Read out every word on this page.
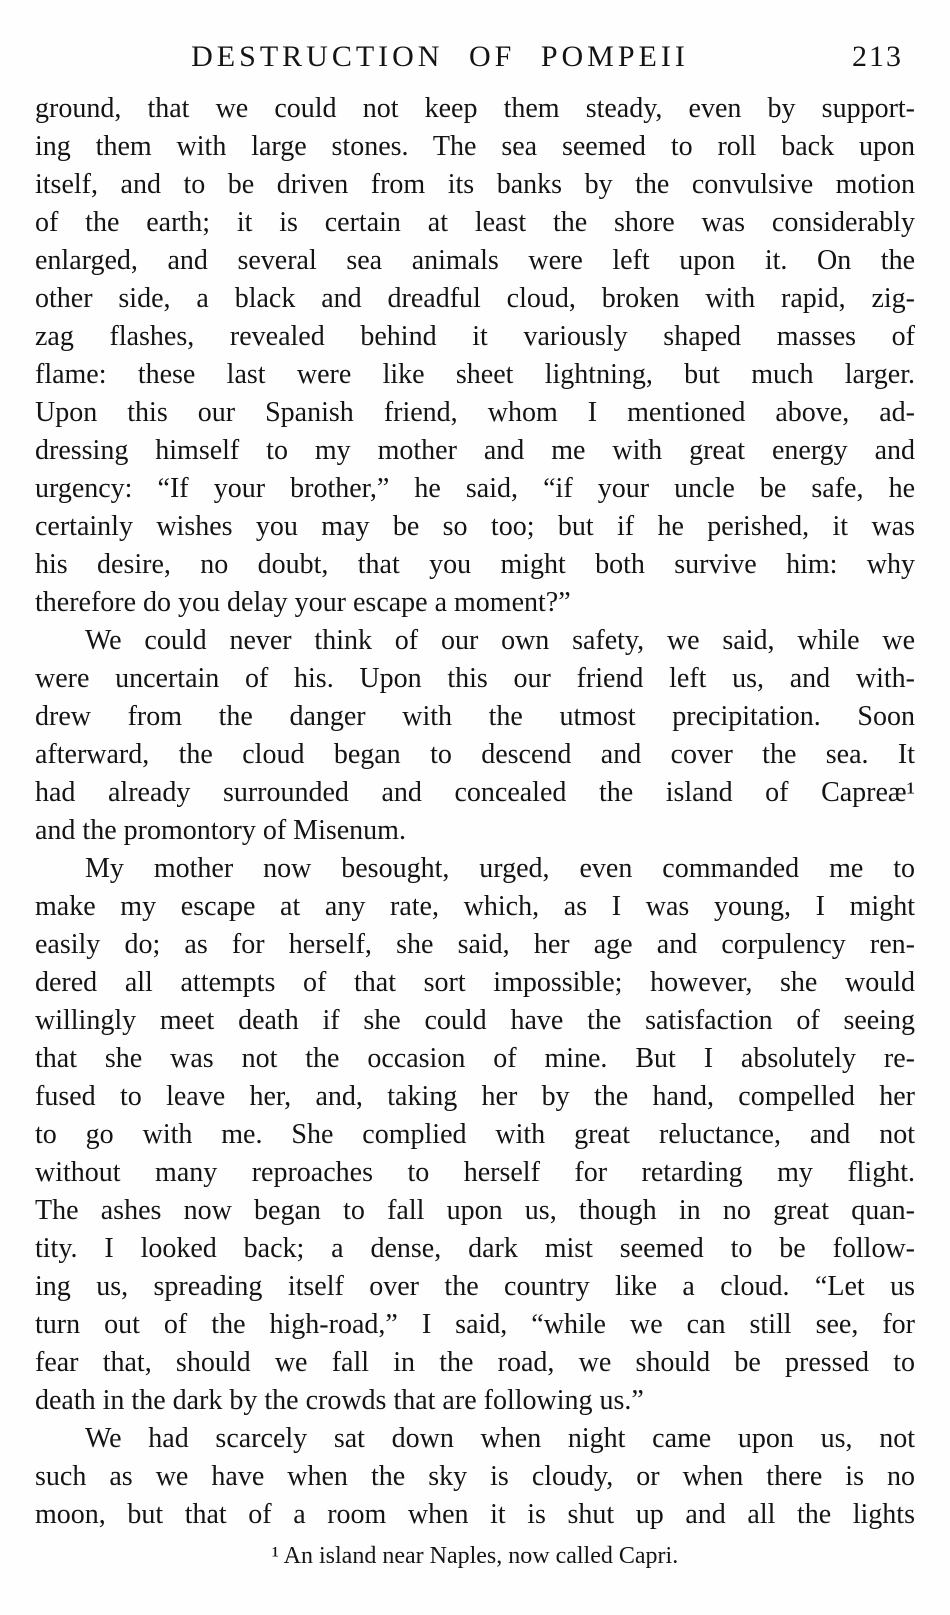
DESTRUCTION OF POMPEII	213
ground, that we could not keep them steady, even by support-
ing them with large stones. The sea seemed to roll back upon
itself, and to be driven from its banks by the convulsive motion
of the earth; it is certain at least the shore was considerably
enlarged, and several sea animals were left upon it. On the
other side, a black and dreadful cloud, broken with rapid, zig-
zag flashes, revealed behind it variously shaped masses of
flame: these last were like sheet lightning, but much larger.
Upon this our Spanish friend, whom I mentioned above, ad-
dressing himself to my mother and me with great energy and
urgency: “If your brother,” he said, “if your uncle be safe, he
certainly wishes you may be so too; but if he perished, it was
his desire, no doubt, that you might both survive him: why
therefore do you delay your escape a moment?”
We could never think of our own safety, we said, while we
were uncertain of his. Upon this our friend left us, and with-
drew from the danger with the utmost precipitation. Soon
afterward, the cloud began to descend and cover the sea. It
had already surrounded and concealed the island of Capreæ¹
and the promontory of Misenum.
My mother now besought, urged, even commanded me to
make my escape at any rate, which, as I was young, I might
easily do; as for herself, she said, her age and corpulency ren-
dered all attempts of that sort impossible; however, she would
willingly meet death if she could have the satisfaction of seeing
that she was not the occasion of mine. But I absolutely re-
fused to leave her, and, taking her by the hand, compelled her
to go with me. She complied with great reluctance, and not
without many reproaches to herself for retarding my flight.
The ashes now began to fall upon us, though in no great quan-
tity. I looked back; a dense, dark mist seemed to be follow-
ing us, spreading itself over the country like a cloud. “Let us
turn out of the high-road,” I said, “while we can still see, for
fear that, should we fall in the road, we should be pressed to
death in the dark by the crowds that are following us.”
We had scarcely sat down when night came upon us, not
such as we have when the sky is cloudy, or when there is no
moon, but that of a room when it is shut up and all the lights
¹ An island near Naples, now called Capri.
